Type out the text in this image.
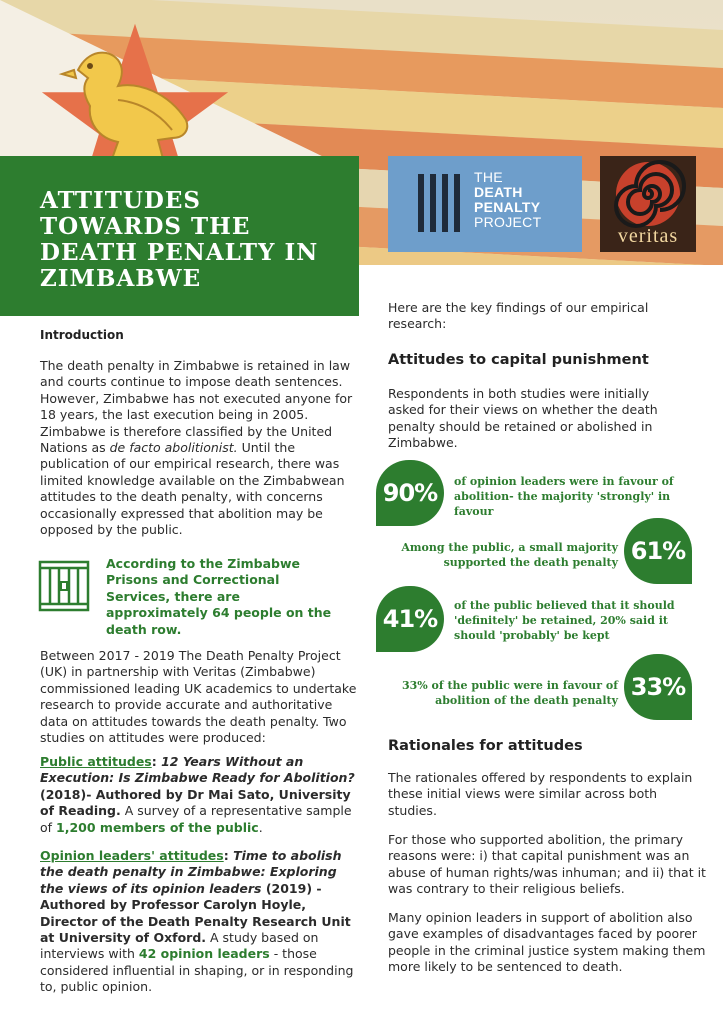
ATTITUDES TOWARDS THE DEATH PENALTY IN ZIMBABWE
THE
DEATH
PENALTY
PROJECT
veritas
Introduction

The death penalty in Zimbabwe is retained in law and courts continue to impose death sentences. However, Zimbabwe has not executed anyone for 18 years, the last execution being in 2005. Zimbabwe is therefore classified by the United Nations as de facto abolitionist. Until the publication of our empirical research, there was limited knowledge available on the Zimbabwean attitudes to the death penalty, with concerns occasionally expressed that abolition may be opposed by the public.

According to the Zimbabwe Prisons and Correctional Services, there are approximately 64 people on the death row.

Between 2017 - 2019 The Death Penalty Project (UK) in partnership with Veritas (Zimbabwe) commissioned leading UK academics to undertake research to provide accurate and authoritative data on attitudes towards the death penalty. Two studies on attitudes were produced:

Public attitudes: 12 Years Without an Execution: Is Zimbabwe Ready for Abolition? (2018)- Authored by Dr Mai Sato, University of Reading. A survey of a representative sample of 1,200 members of the public.

Opinion leaders' attitudes: Time to abolish the death penalty in Zimbabwe: Exploring the views of its opinion leaders (2019) - Authored by Professor Carolyn Hoyle, Director of the Death Penalty Research Unit at University of Oxford. A study based on interviews with 42 opinion leaders - those considered influential in shaping, or in responding to, public opinion.

Here are the key findings of our empirical research:

Attitudes to capital punishment

Respondents in both studies were initially asked for their views on whether the death penalty should be retained or abolished in Zimbabwe.

90%	of opinion leaders were in favour of abolition- the majority 'strongly' in favour

61%

Among the public, a small majority supported the death penalty

41%	of the public believed that it should 'definitely' be retained, 20% said it should 'probably' be kept

33%

33% of the public were in favour of abolition of the death penalty

Rationales for attitudes

The rationales offered by respondents to explain these initial views were similar across both studies.

For those who supported abolition, the primary reasons were: i) that capital punishment was an abuse of human rights/was inhuman; and ii) that it was contrary to their religious beliefs.

Many opinion leaders in support of abolition also gave examples of disadvantages faced by poorer people in the criminal justice system making them more likely to be sentenced to death.
